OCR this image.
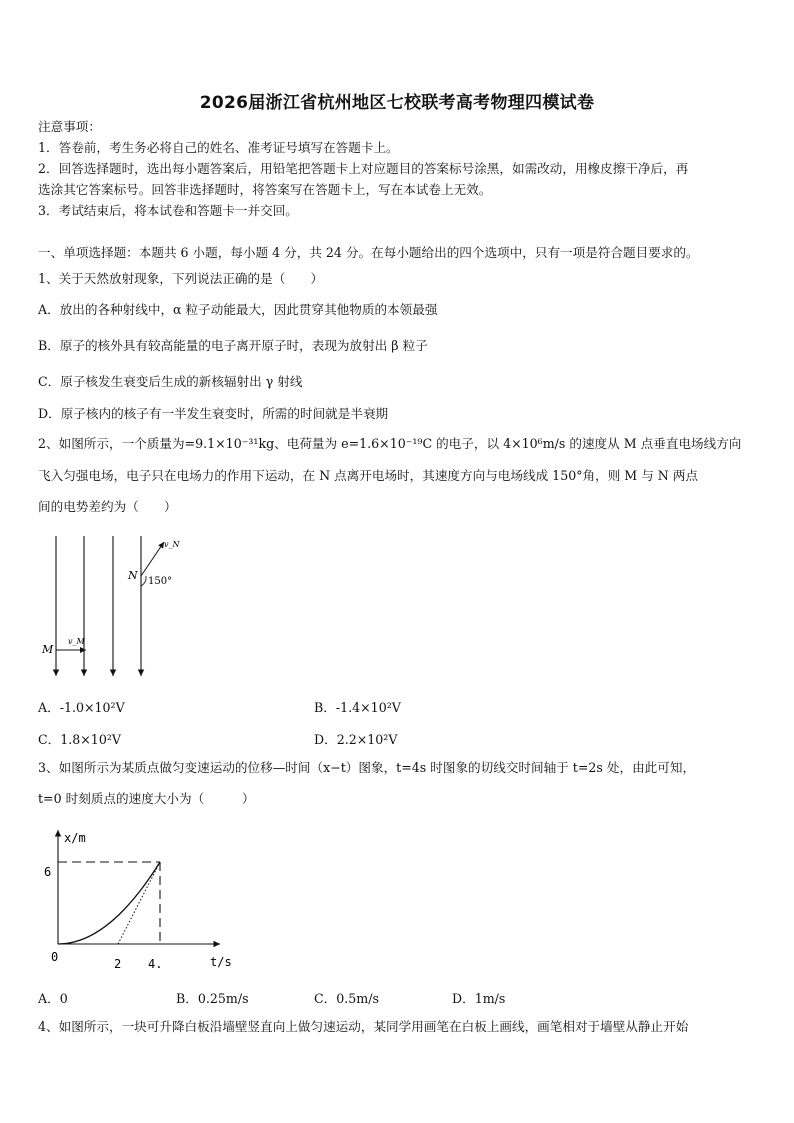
2026届浙江省杭州地区七校联考高考物理四模试卷
注意事项：
1．答卷前，考生务必将自己的姓名、准考证号填写在答题卡上。
2．回答选择题时，选出每小题答案后，用铅笔把答题卡上对应题目的答案标号涂黑，如需改动，用橡皮擦干净后，再
选涂其它答案标号。回答非选择题时，将答案写在答题卡上，写在本试卷上无效。
3．考试结束后，将本试卷和答题卡一并交回。
一、单项选择题：本题共 6 小题，每小题 4 分，共 24 分。在每小题给出的四个选项中，只有一项是符合题目要求的。
1、关于天然放射现象，下列说法正确的是（　　）
A．放出的各种射线中，α 粒子动能最大，因此贯穿其他物质的本领最强
B．原子的核外具有较高能量的电子离开原子时，表现为放射出 β 粒子
C．原子核发生衰变后生成的新核辐射出 γ 射线
D．原子核内的核子有一半发生衰变时，所需的时间就是半衰期
2、如图所示，一个质量为=9.1×10⁻³¹kg、电荷量为 e=1.6×10⁻¹⁹C 的电子，以 4×10⁶m/s 的速度从 M 点垂直电场线方向
飞入匀强电场，电子只在电场力的作用下运动，在 N 点离开电场时，其速度方向与电场线成 150°角，则 M 与 N 两点
间的电势差约为（　　）
M
v_M
N
v_N
150°
A．-1.0×10²V	B．-1.4×10²V
C．1.8×10²V	D．2.2×10²V
3、如图所示为某质点做匀变速运动的位移—时间（x−t）图象，t=4s 时图象的切线交时间轴于 t=2s 处，由此可知，
t=0 时刻质点的速度大小为（　　　）
x/m
t/s
0
6
2 4.
A．0	B．0.25m/s	C．0.5m/s	D．1m/s
4、如图所示，一块可升降白板沿墙壁竖直向上做匀速运动，某同学用画笔在白板上画线，画笔相对于墙壁从静止开始
